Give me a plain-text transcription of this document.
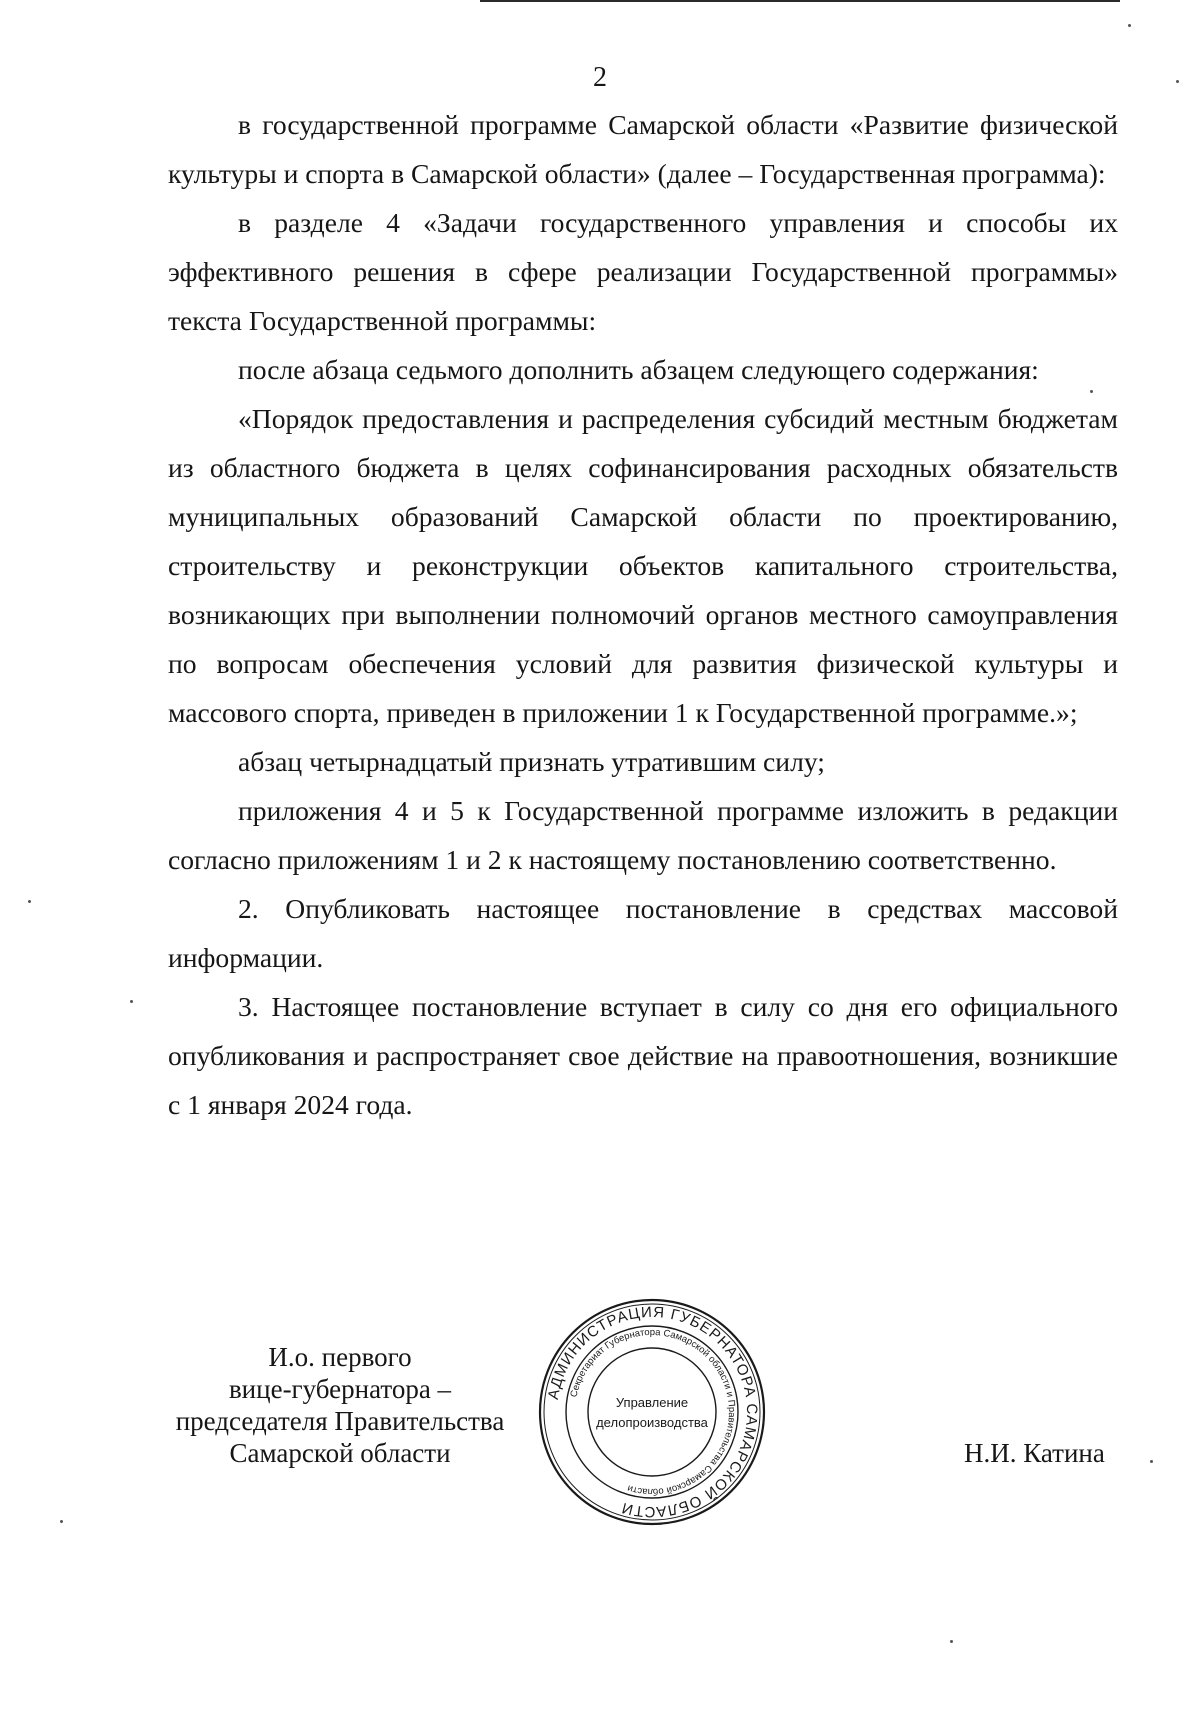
2

в государственной программе Самарской области «Развитие физической культуры и спорта в Самарской области» (далее – Государственная программа):

в разделе 4 «Задачи государственного управления и способы их эффективного решения в сфере реализации Государственной программы» текста Государственной программы:

после абзаца седьмого дополнить абзацем следующего содержания:

«Порядок предоставления и распределения субсидий местным бюджетам из областного бюджета в целях софинансирования расходных обязательств муниципальных образований Самарской области по проектированию, строительству и реконструкции объектов капитального строительства, возникающих при выполнении полномочий органов местного самоуправления по вопросам обеспечения условий для развития физической культуры и массового спорта, приведен в приложении 1 к Государственной программе.»;

абзац четырнадцатый признать утратившим силу;

приложения 4 и 5 к Государственной программе изложить в редакции согласно приложениям 1 и 2 к настоящему постановлению соответственно.

2. Опубликовать настоящее постановление в средствах массовой информации.

3. Настоящее постановление вступает в силу со дня его официального опубликования и распространяет свое действие на правоотношения, возникшие с 1 января 2024 года.

И.о. первого
вице-губернатора –
председателя Правительства
Самарской области
АДМИНИСТРАЦИЯ ГУБЕРНАТОРА САМАРСКОЙ ОБЛАСТИ
Секретариат Губернатора Самарской области и Правительства Самарской области
Управление
делопроизводства
Н.И. Катина
